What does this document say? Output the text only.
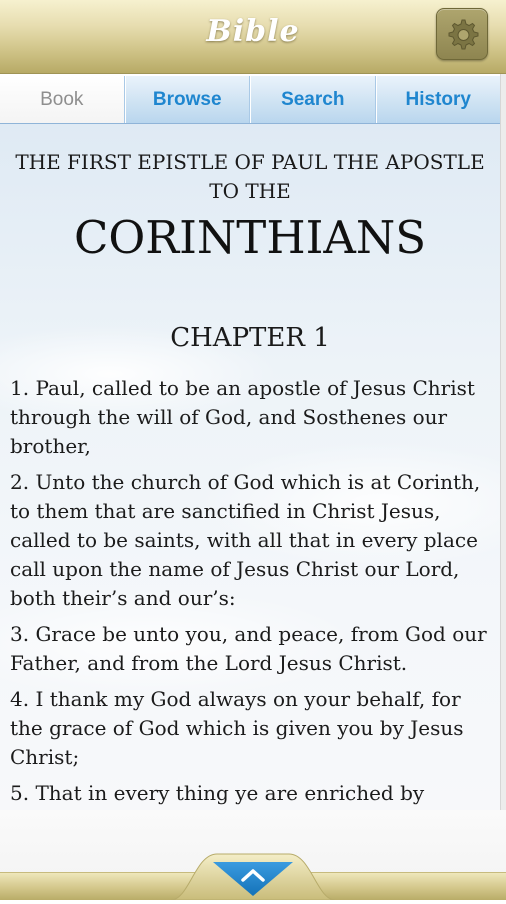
Bible
Book	Browse	Search	History
THE FIRST EPISTLE OF PAUL THE APOSTLE TO THE
CORINTHIANS
CHAPTER 1

1. Paul, called to be an apostle of Jesus Christ through the will of God, and Sosthenes our brother,

2. Unto the church of God which is at Corinth, to them that are sanctified in Christ Jesus, called to be saints, with all that in every place call upon the name of Jesus Christ our Lord, both their’s and our’s:

3. Grace be unto you, and peace, from God our Father, and from the Lord Jesus Christ.

4. I thank my God always on your behalf, for the grace of God which is given you by Jesus Christ;

5. That in every thing ye are enriched by
